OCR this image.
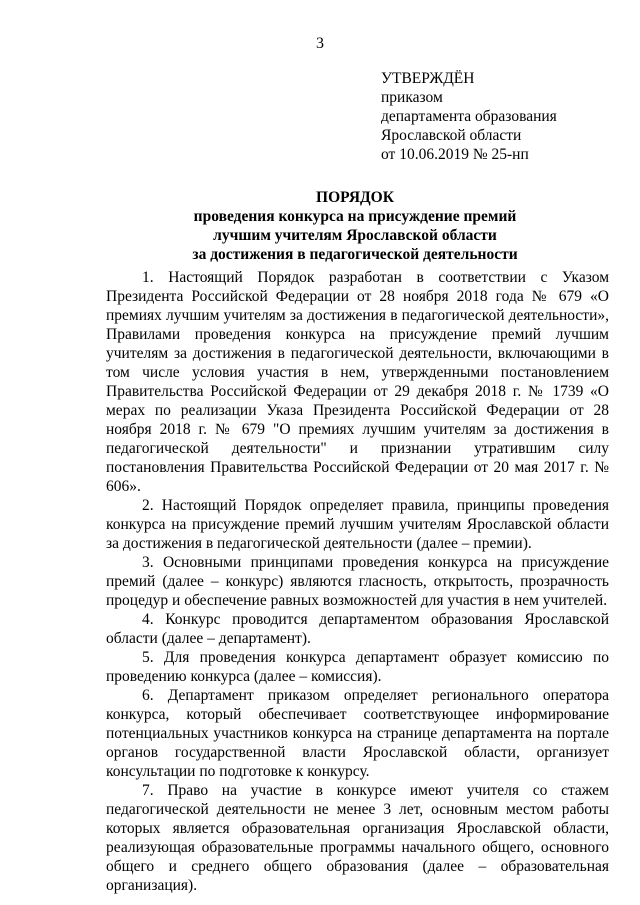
3
УТВЕРЖДЁН
приказом
департамента образования
Ярославской области
от 10.06.2019 № 25-нп
ПОРЯДОК
проведения конкурса на присуждение премий
лучшим учителям Ярославской области
за достижения в педагогической деятельности

1. Настоящий Порядок разработан в соответствии с Указом Президента Российской Федерации от 28 ноября 2018 года № 679 «О премиях лучшим учителям за достижения в педагогической деятельности», Правилами проведения конкурса на присуждение премий лучшим учителям за достижения в педагогической деятельности, включающими в том числе условия участия в нем, утвержденными постановлением Правительства Российской Федерации от 29 декабря 2018 г. № 1739 «О мерах по реализации Указа Президента Российской Федерации от 28 ноября 2018 г. № 679 "О премиях лучшим учителям за достижения в педагогической деятельности" и признании утратившим силу постановления Правительства Российской Федерации от 20 мая 2017 г. № 606».

2. Настоящий Порядок определяет правила, принципы проведения конкурса на присуждение премий лучшим учителям Ярославской области за достижения в педагогической деятельности (далее – премии).

3. Основными принципами проведения конкурса на присуждение премий (далее – конкурс) являются гласность, открытость, прозрачность процедур и обеспечение равных возможностей для участия в нем учителей.

4. Конкурс проводится департаментом образования Ярославской области (далее – департамент).

5. Для проведения конкурса департамент образует комиссию по проведению конкурса (далее – комиссия).

6. Департамент приказом определяет регионального оператора конкурса, который обеспечивает соответствующее информирование потенциальных участников конкурса на странице департамента на портале органов государственной власти Ярославской области, организует консультации по подготовке к конкурсу.

7. Право на участие в конкурсе имеют учителя со стажем педагогической деятельности не менее 3 лет, основным местом работы которых является образовательная организация Ярославской области, реализующая образовательные программы начального общего, основного общего и среднего общего образования (далее – образовательная организация).
